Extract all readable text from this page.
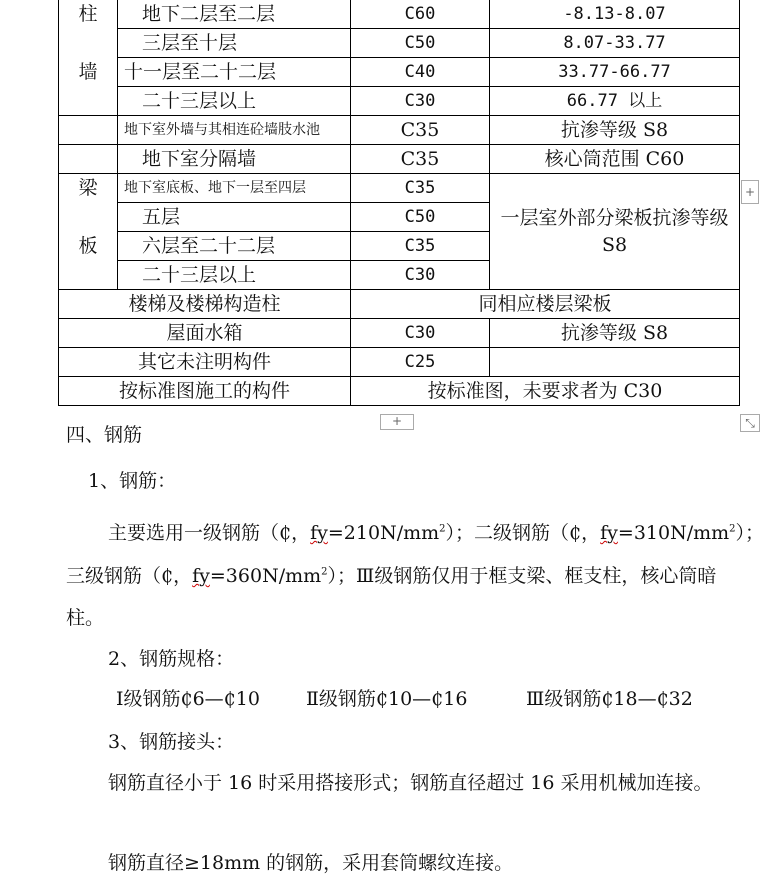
柱
墙	地下二层至二层	C60	-8.13-8.07
	三层至十层	C50	8.07-33.77
	十一层至二十二层	C40	33.77-66.77
	二十三层以上	C30	66.77 以上
	地下室外墙与其相连砼墙肢水池	C35	抗渗等级 S8
	地下室分隔墙	C35	核心筒范围 C60

梁
板	地下室底板、地下一层至四层	C35	一层室外部分梁板抗渗等级 S8
	五层	C50	
	六层至二十二层	C35	
	二十三层以上	C30	
楼梯及楼梯构造柱		同相应楼层梁板	
屋面水箱		C30	抗渗等级 S8
其它未注明构件		C25	
按标准图施工的构件		按标准图，未要求者为 C30	
+
+	⤡
四、钢筋
1、钢筋：
主要选用一级钢筋（₵，$fy=210N/mm^2$）；二级钢筋（₵，$fy=310N/mm^2$）；
三级钢筋（₵，$fy=360N/mm^2$）；Ⅲ级钢筋仅用于框支梁、框支柱，核心筒暗
柱。
2、钢筋规格：
Ⅰ级钢筋₵6—₵10 Ⅱ级钢筋₵10—₵16	Ⅲ级钢筋₵18—₵32
3、钢筋接头：
钢筋直径小于 16 时采用搭接形式；钢筋直径超过 16 采用机械加连接。
钢筋直径≥18mm 的钢筋，采用套筒螺纹连接。
